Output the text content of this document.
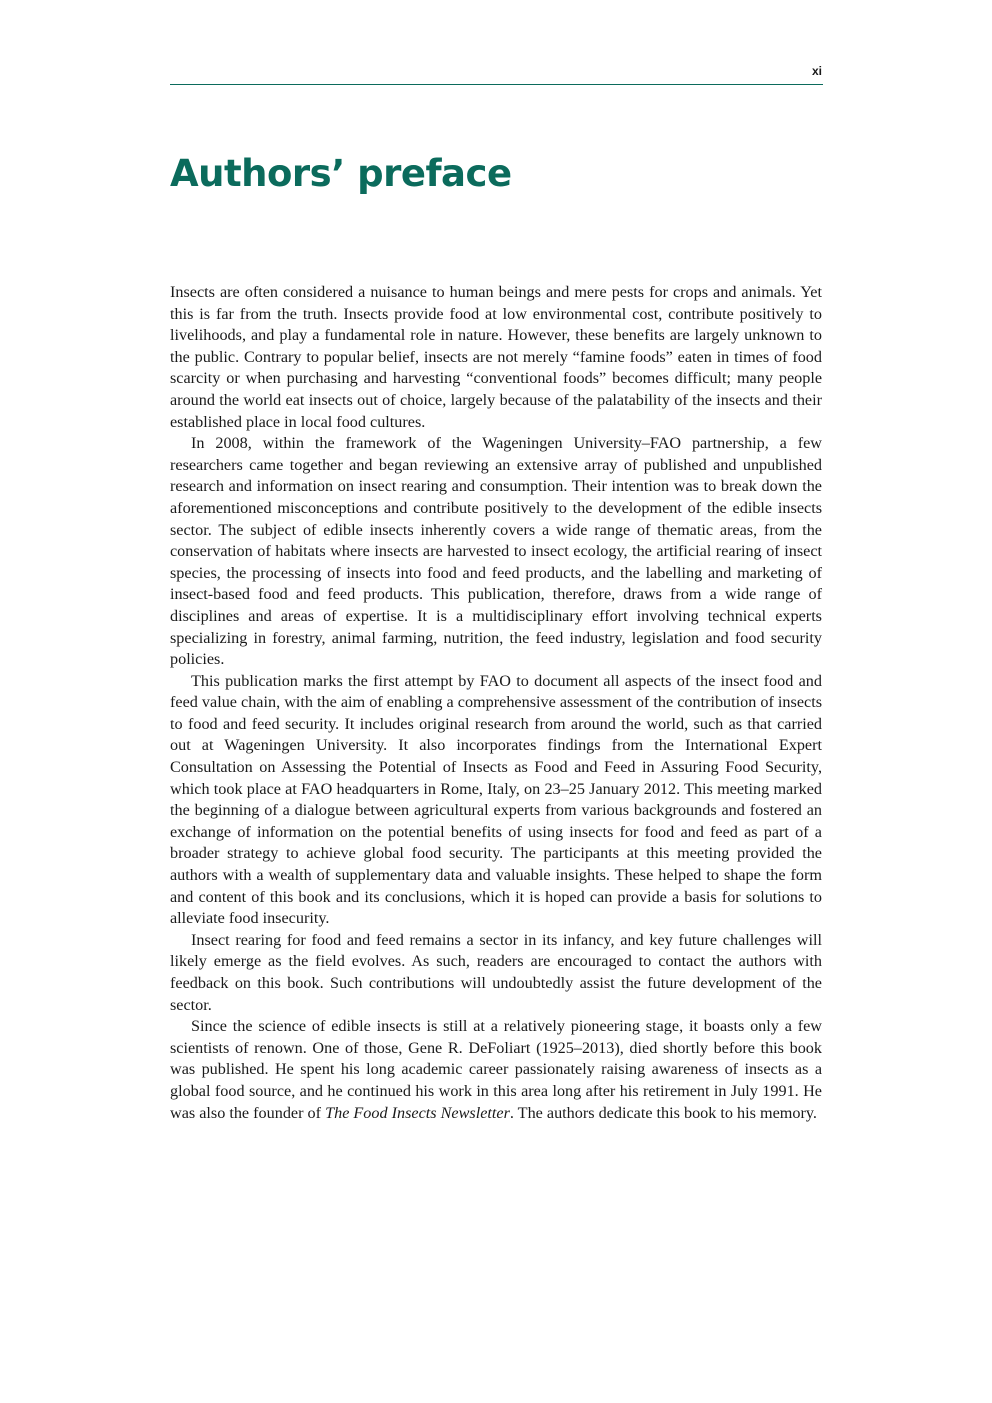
xi
Authors’ preface

Insects are often considered a nuisance to human beings and mere pests for crops and animals. Yet this is far from the truth. Insects provide food at low environmental cost, contribute positively to livelihoods, and play a fundamental role in nature. However, these benefits are largely unknown to the public. Contrary to popular belief, insects are not merely “famine foods” eaten in times of food scarcity or when purchasing and harvesting “conventional foods” becomes difficult; many people around the world eat insects out of choice, largely because of the palatability of the insects and their established place in local food cultures.

In 2008, within the framework of the Wageningen University–FAO partnership, a few researchers came together and began reviewing an extensive array of published and unpublished research and information on insect rearing and consumption. Their intention was to break down the aforementioned misconceptions and contribute positively to the development of the edible insects sector. The subject of edible insects inherently covers a wide range of thematic areas, from the conservation of habitats where insects are harvested to insect ecology, the artificial rearing of insect species, the processing of insects into food and feed products, and the labelling and marketing of insect-based food and feed products. This publication, therefore, draws from a wide range of disciplines and areas of expertise. It is a multidisciplinary effort involving technical experts specializing in forestry, animal farming, nutrition, the feed industry, legislation and food security policies.

This publication marks the first attempt by FAO to document all aspects of the insect food and feed value chain, with the aim of enabling a comprehensive assessment of the contribution of insects to food and feed security. It includes original research from around the world, such as that carried out at Wageningen University. It also incorporates findings from the International Expert Consultation on Assessing the Potential of Insects as Food and Feed in Assuring Food Security, which took place at FAO headquarters in Rome, Italy, on 23–25 January 2012. This meeting marked the beginning of a dialogue between agricultural experts from various backgrounds and fostered an exchange of information on the potential benefits of using insects for food and feed as part of a broader strategy to achieve global food security. The participants at this meeting provided the authors with a wealth of supplementary data and valuable insights. These helped to shape the form and content of this book and its conclusions, which it is hoped can provide a basis for solutions to alleviate food insecurity.

Insect rearing for food and feed remains a sector in its infancy, and key future challenges will likely emerge as the field evolves. As such, readers are encouraged to contact the authors with feedback on this book. Such contributions will undoubtedly assist the future development of the sector.

Since the science of edible insects is still at a relatively pioneering stage, it boasts only a few scientists of renown. One of those, Gene R. DeFoliart (1925–2013), died shortly before this book was published. He spent his long academic career passionately raising awareness of insects as a global food source, and he continued his work in this area long after his retirement in July 1991. He was also the founder of The Food Insects Newsletter. The authors dedicate this book to his memory.
